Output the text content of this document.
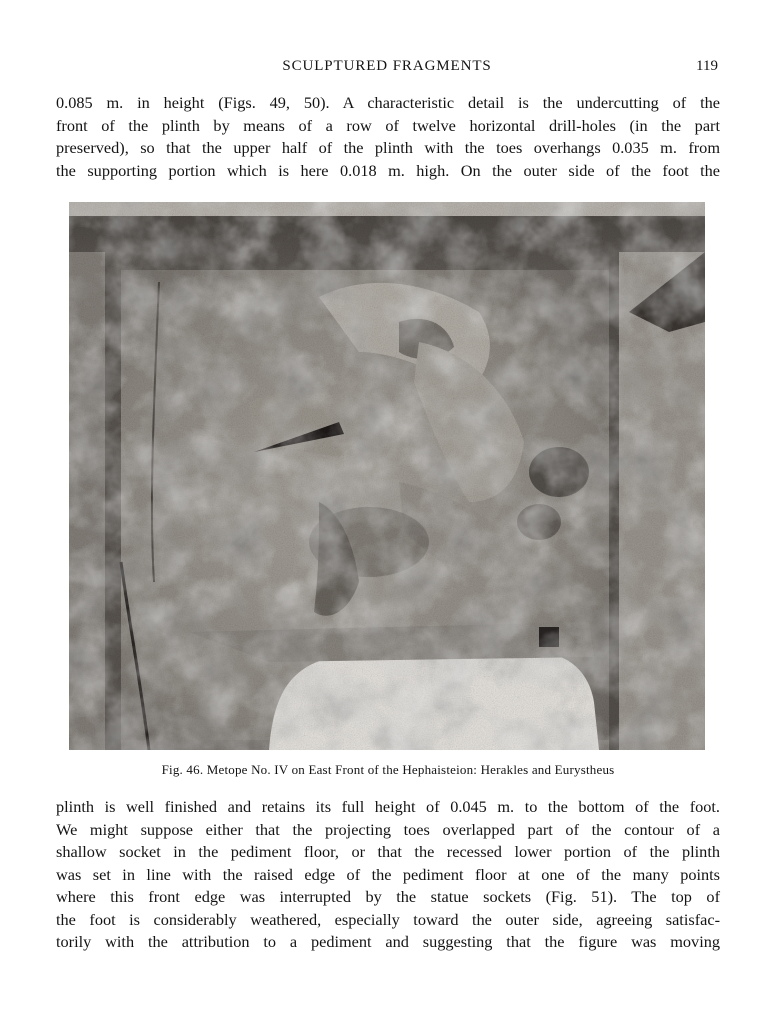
SCULPTURED FRAGMENTS	119

0.085 m. in height (Figs. 49, 50). A characteristic detail is the undercutting of the
front of the plinth by means of a row of twelve horizontal drill-holes (in the part
preserved), so that the upper half of the plinth with the toes overhangs 0.035 m. from
the supporting portion which is here 0.018 m. high. On the outer side of the foot the

Fig. 46. Metope No. IV on East Front of the Hephaisteion: Herakles and Eurystheus

plinth is well finished and retains its full height of 0.045 m. to the bottom of the foot.
We might suppose either that the projecting toes overlapped part of the contour of a
shallow socket in the pediment floor, or that the recessed lower portion of the plinth
was set in line with the raised edge of the pediment floor at one of the many points
where this front edge was interrupted by the statue sockets (Fig. 51). The top of
the foot is considerably weathered, especially toward the outer side, agreeing satisfac-
torily with the attribution to a pediment and suggesting that the figure was moving
